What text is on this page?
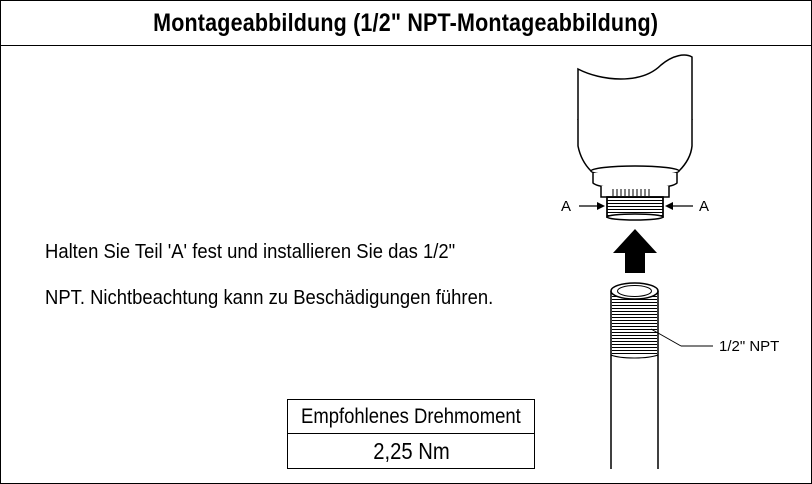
Montageabbildung (1/2" NPT-Montageabbildung)
Halten Sie Teil 'A' fest und installieren Sie das 1/2"
NPT. Nichtbeachtung kann zu Beschädigungen führen.
Empfohlenes Drehmoment
2,25 Nm
A	A
1/2" NPT
